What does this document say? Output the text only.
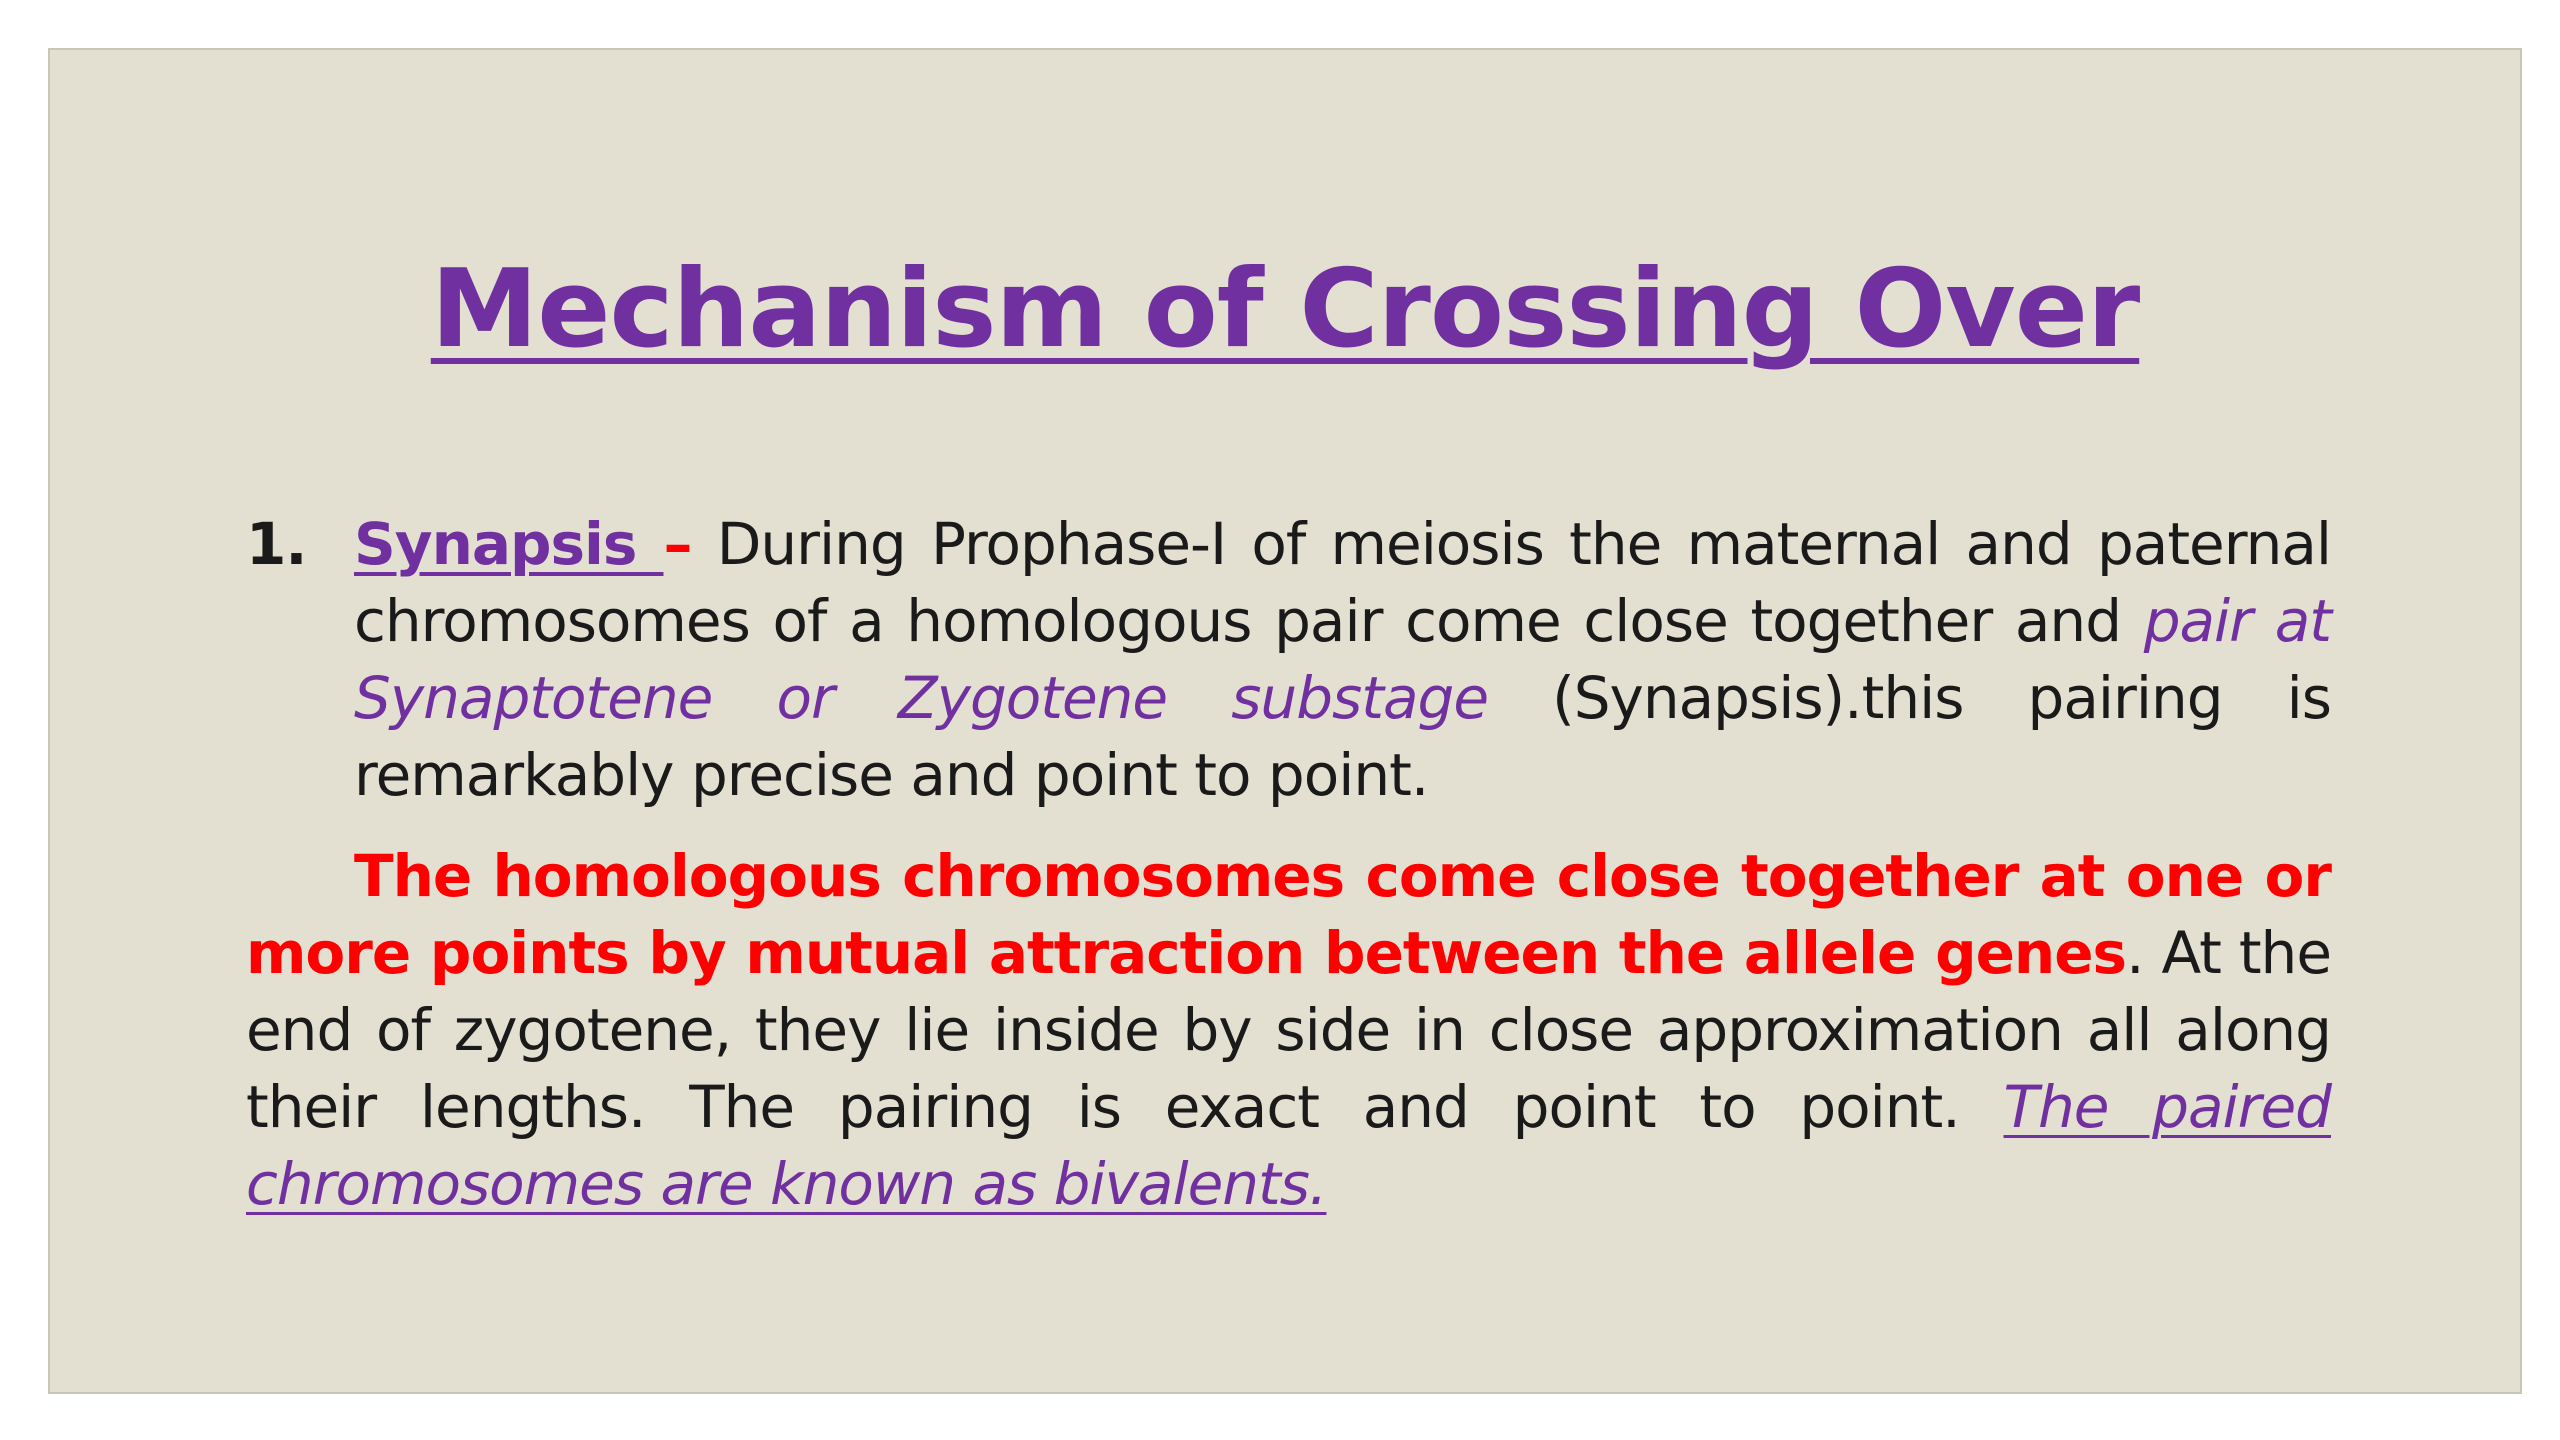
Mechanism of Crossing Over
1. Synapsis – During Prophase-I of meiosis the maternal and paternal chromosomes of a homologous pair come close together and pair at Synaptotene or Zygotene substage (Synapsis).this pairing is remarkably precise and point to point.
The homologous chromosomes come close together at one or more points by mutual attraction between the allele genes. At the end of zygotene, they lie inside by side in close approximation all along their lengths. The pairing is exact and point to point. The paired chromosomes are known as bivalents.
